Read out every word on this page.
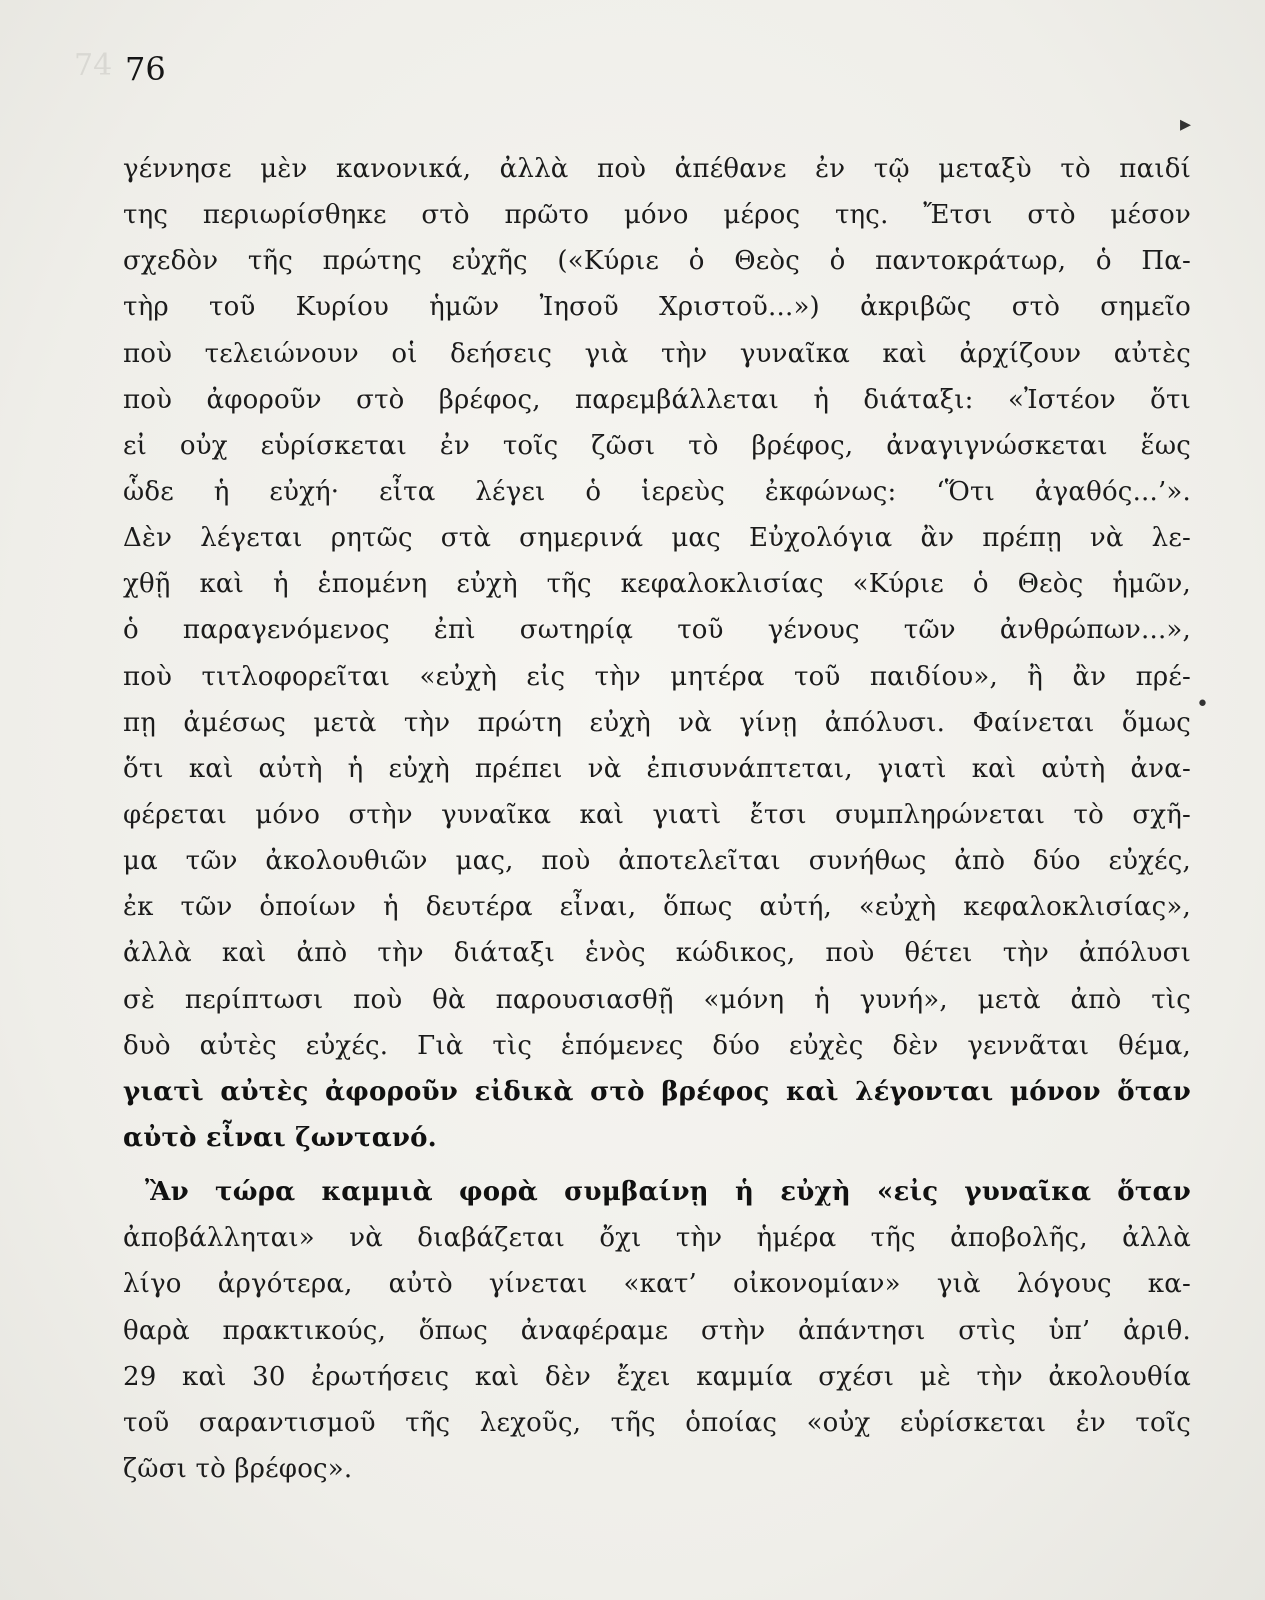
74 76
▸
•
γέννησε μὲν κανονικά, ἀλλὰ ποὺ ἀπέθανε ἐν τῷ μεταξὺ τὸ παιδί
της περιωρίσθηκε στὸ πρῶτο μόνο μέρος της. Ἔτσι στὸ μέσον
σχεδὸν τῆς πρώτης εὐχῆς («Κύριε ὁ Θεὸς ὁ παντοκράτωρ, ὁ Πα-
τὴρ τοῦ Κυρίου ἡμῶν Ἰησοῦ Χριστοῦ...») ἀκριβῶς στὸ σημεῖο
ποὺ τελειώνουν οἱ δεήσεις γιὰ τὴν γυναῖκα καὶ ἀρχίζουν αὐτὲς
ποὺ ἀφοροῦν στὸ βρέφος, παρεμβάλλεται ἡ διάταξι: «Ἰστέον ὅτι
εἰ οὐχ εὑρίσκεται ἐν τοῖς ζῶσι τὸ βρέφος, ἀναγιγνώσκεται ἕως
ὧδε ἡ εὐχή· εἶτα λέγει ὁ ἱερεὺς ἐκφώνως: ‘Ὅτι ἀγαθός...’».
Δὲν λέγεται ρητῶς στὰ σημερινά μας Εὐχολόγια ἂν πρέπῃ νὰ λε-
χθῇ καὶ ἡ ἑπομένη εὐχὴ τῆς κεφαλοκλισίας «Κύριε ὁ Θεὸς ἡμῶν,
ὁ παραγενόμενος ἐπὶ σωτηρίᾳ τοῦ γένους τῶν ἀνθρώπων...»,
ποὺ τιτλοφορεῖται «εὐχὴ εἰς τὴν μητέρα τοῦ παιδίου», ἢ ἂν πρέ-
πῃ ἀμέσως μετὰ τὴν πρώτη εὐχὴ νὰ γίνῃ ἀπόλυσι. Φαίνεται ὅμως
ὅτι καὶ αὐτὴ ἡ εὐχὴ πρέπει νὰ ἐπισυνάπτεται, γιατὶ καὶ αὐτὴ ἀνα-
φέρεται μόνο στὴν γυναῖκα καὶ γιατὶ ἔτσι συμπληρώνεται τὸ σχῆ-
μα τῶν ἀκολουθιῶν μας, ποὺ ἀποτελεῖται συνήθως ἀπὸ δύο εὐχές,
ἐκ τῶν ὁποίων ἡ δευτέρα εἶναι, ὅπως αὐτή, «εὐχὴ κεφαλοκλισίας»,
ἀλλὰ καὶ ἀπὸ τὴν διάταξι ἑνὸς κώδικος, ποὺ θέτει τὴν ἀπόλυσι
σὲ περίπτωσι ποὺ θὰ παρουσιασθῇ «μόνη ἡ γυνή», μετὰ ἀπὸ τὶς
δυὸ αὐτὲς εὐχές. Γιὰ τὶς ἑπόμενες δύο εὐχὲς δὲν γεννᾶται θέμα,
γιατὶ αὐτὲς ἀφοροῦν εἰδικὰ στὸ βρέφος καὶ λέγονται μόνον ὅταν
αὐτὸ εἶναι ζωντανό.
Ἂν τώρα καμμιὰ φορὰ συμβαίνῃ ἡ εὐχὴ «εἰς γυναῖκα ὅταν
ἀποβάλληται» νὰ διαβάζεται ὄχι τὴν ἡμέρα τῆς ἀποβολῆς, ἀλλὰ
λίγο ἀργότερα, αὐτὸ γίνεται «κατ’ οἰκονομίαν» γιὰ λόγους κα-
θαρὰ πρακτικούς, ὅπως ἀναφέραμε στὴν ἀπάντησι στὶς ὑπ’ ἀριθ.
29 καὶ 30 ἐρωτήσεις καὶ δὲν ἔχει καμμία σχέσι μὲ τὴν ἀκολουθία
τοῦ σαραντισμοῦ τῆς λεχοῦς, τῆς ὁποίας «οὐχ εὑρίσκεται ἐν τοῖς
ζῶσι τὸ βρέφος».
